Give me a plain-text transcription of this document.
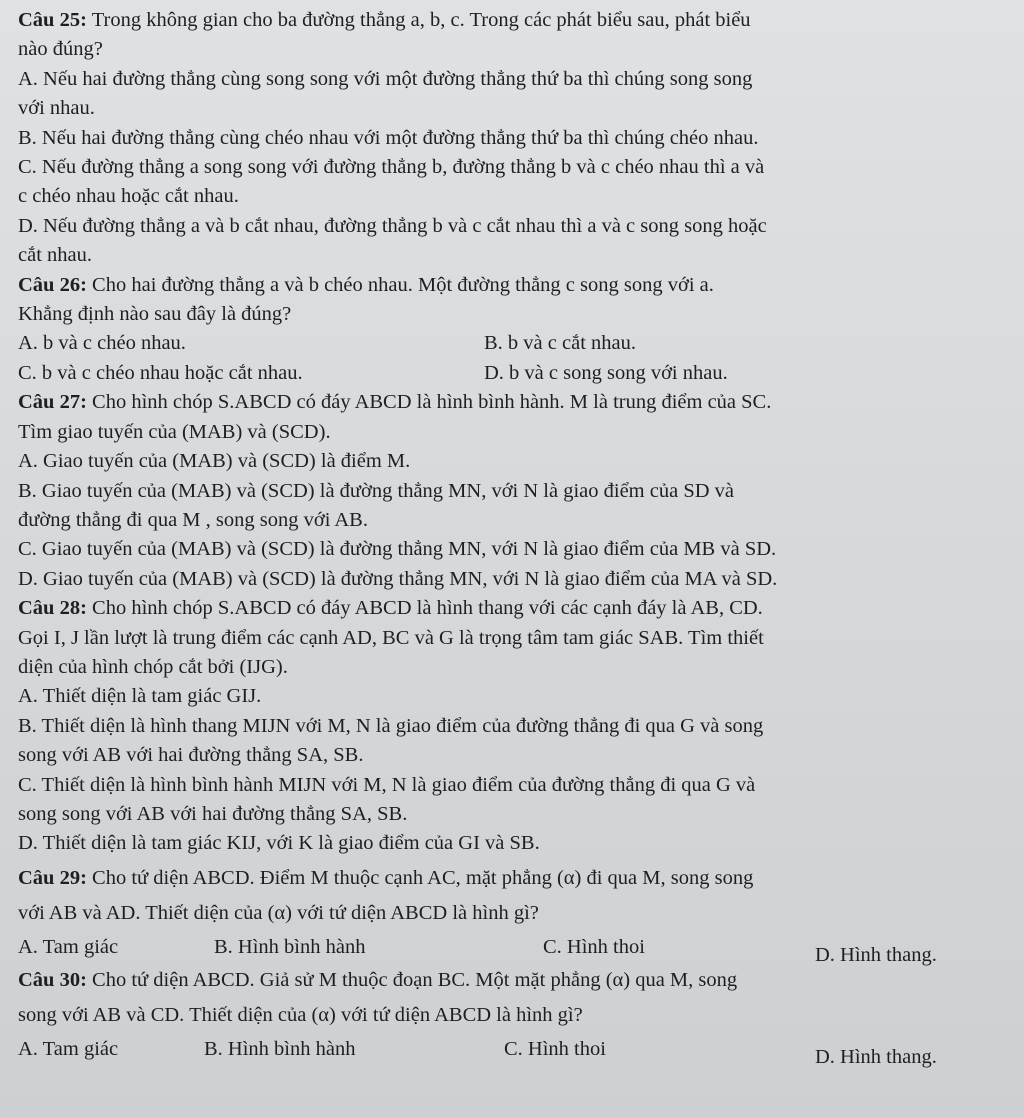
Câu 25: Trong không gian cho ba đường thẳng a, b, c. Trong các phát biểu sau, phát biểu
nào đúng?
A. Nếu hai đường thẳng cùng song song với một đường thẳng thứ ba thì chúng song song
với nhau.
B. Nếu hai đường thẳng cùng chéo nhau với một đường thẳng thứ ba thì chúng chéo nhau.
C. Nếu đường thẳng a song song với đường thẳng b, đường thẳng b và c chéo nhau thì a và
c chéo nhau hoặc cắt nhau.
D. Nếu đường thẳng a và b cắt nhau, đường thẳng b và c cắt nhau thì a và c song song hoặc
cắt nhau.
Câu 26: Cho hai đường thẳng a và b chéo nhau. Một đường thẳng c song song với a.
Khẳng định nào sau đây là đúng?
A. b và c chéo nhau.	B. b và c cắt nhau.
C. b và c chéo nhau hoặc cắt nhau.	D. b và c song song với nhau.
Câu 27: Cho hình chóp S.ABCD có đáy ABCD là hình bình hành. M là trung điểm của SC.
Tìm giao tuyến của (MAB) và (SCD).
A. Giao tuyến của (MAB) và (SCD) là điểm M.
B. Giao tuyến của (MAB) và (SCD) là đường thẳng MN, với N là giao điểm của SD và
đường thẳng đi qua M , song song với AB.
C. Giao tuyến của (MAB) và (SCD) là đường thẳng MN, với N là giao điểm của MB và SD.
D. Giao tuyến của (MAB) và (SCD) là đường thẳng MN, với N là giao điểm của MA và SD.
Câu 28: Cho hình chóp S.ABCD có đáy ABCD là hình thang với các cạnh đáy là AB, CD.
Gọi I, J lần lượt là trung điểm các cạnh AD, BC và G là trọng tâm tam giác SAB. Tìm thiết
diện của hình chóp cắt bởi (IJG).
A. Thiết diện là tam giác GIJ.
B. Thiết diện là hình thang MIJN với M, N là giao điểm của đường thẳng đi qua G và song
song với AB với hai đường thẳng SA, SB.
C. Thiết diện là hình bình hành MIJN với M, N là giao điểm của đường thẳng đi qua G và
song song với AB với hai đường thẳng SA, SB.
D. Thiết diện là tam giác KIJ, với K là giao điểm của GI và SB.
Câu 29: Cho tứ diện ABCD. Điểm M thuộc cạnh AC, mặt phẳng (α) đi qua M, song song
với AB và AD. Thiết diện của (α) với tứ diện ABCD là hình gì?
A. Tam giác	B. Hình bình hành	C. Hình thoi	D. Hình thang.
Câu 30: Cho tứ diện ABCD. Giả sử M thuộc đoạn BC. Một mặt phẳng (α) qua M, song
song với AB và CD. Thiết diện của (α) với tứ diện ABCD là hình gì?
A. Tam giác	B. Hình bình hành	C. Hình thoi	D. Hình thang.
